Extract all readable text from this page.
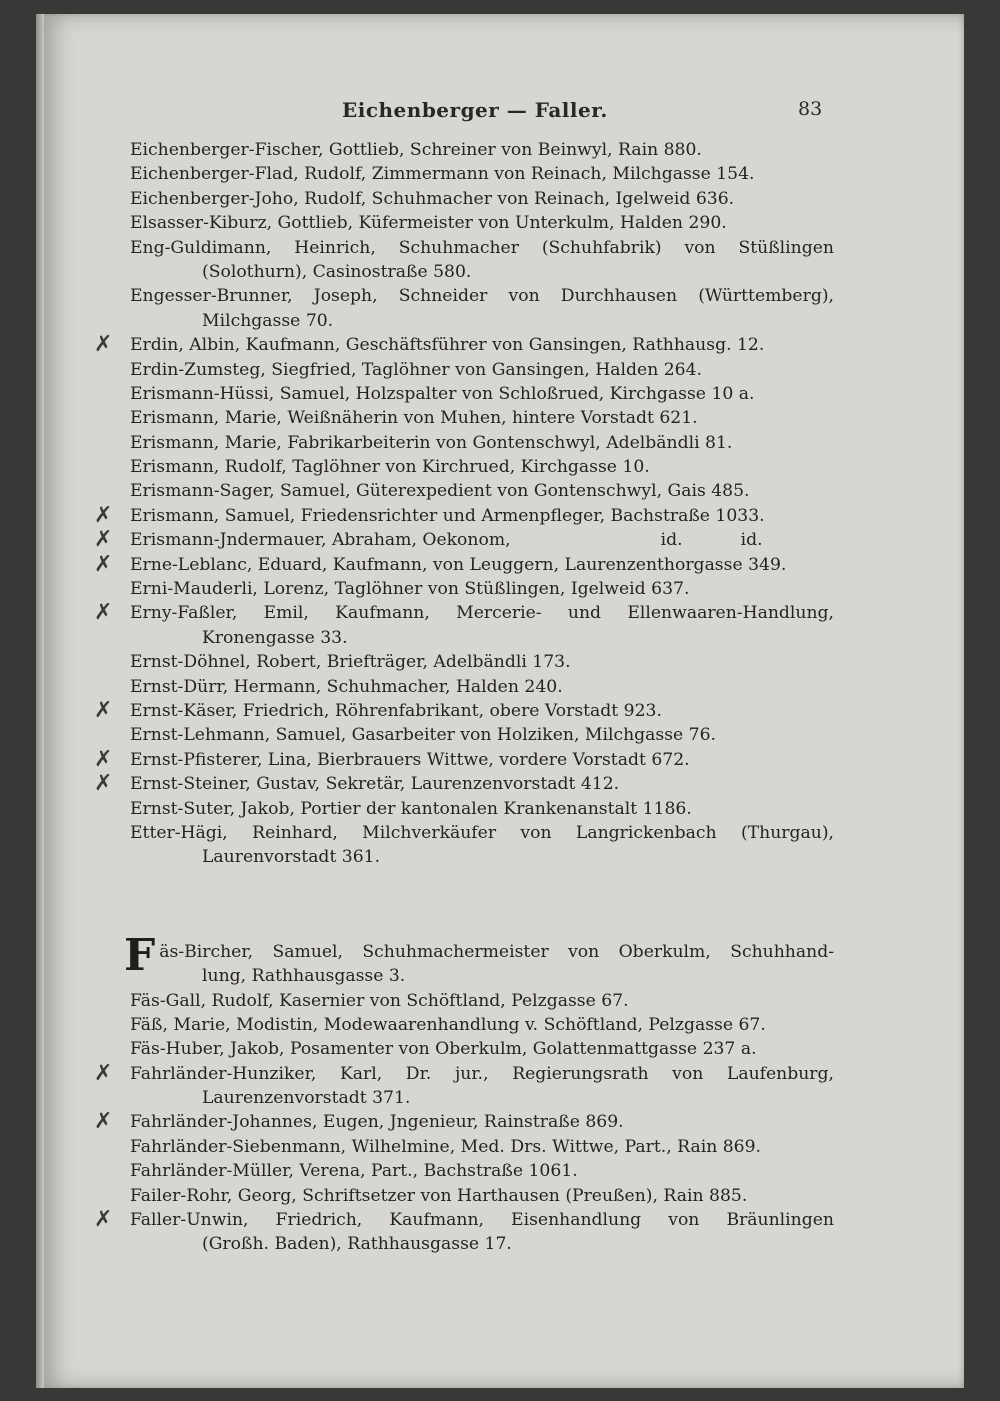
Eichenberger — Faller.	83
Eichenberger-Fischer, Gottlieb, Schreiner von Beinwyl, Rain 880.
Eichenberger-Flad, Rudolf, Zimmermann von Reinach, Milchgasse 154.
Eichenberger-Joho, Rudolf, Schuhmacher von Reinach, Igelweid 636.
Elsasser-Kiburz, Gottlieb, Küfermeister von Unterkulm, Halden 290.
Eng-Guldimann, Heinrich, Schuhmacher (Schuhfabrik) von Stüßlingen
(Solothurn), Casinostraße 580.
Engesser-Brunner, Joseph, Schneider von Durchhausen (Württemberg),
Milchgasse 70.
✗ Erdin, Albin, Kaufmann, Geschäftsführer von Gansingen, Rathhausg. 12.
Erdin-Zumsteg, Siegfried, Taglöhner von Gansingen, Halden 264.
Erismann-Hüssi, Samuel, Holzspalter von Schloßrued, Kirchgasse 10 a.
Erismann, Marie, Weißnäherin von Muhen, hintere Vorstadt 621.
Erismann, Marie, Fabrikarbeiterin von Gontenschwyl, Adelbändli 81.
Erismann, Rudolf, Taglöhner von Kirchrued, Kirchgasse 10.
Erismann-Sager, Samuel, Güterexpedient von Gontenschwyl, Gais 485.
✗ Erismann, Samuel, Friedensrichter und Armenpfleger, Bachstraße 1033.
✗ Erismann-Jndermauer, Abraham, Oekonom,	id.	id.
✗ Erne-Leblanc, Eduard, Kaufmann, von Leuggern, Laurenzenthorgasse 349.
Erni-Mauderli, Lorenz, Taglöhner von Stüßlingen, Igelweid 637.
✗ Erny-Faßler, Emil, Kaufmann, Mercerie- und Ellenwaaren-Handlung,
Kronengasse 33.
Ernst-Döhnel, Robert, Briefträger, Adelbändli 173.
Ernst-Dürr, Hermann, Schuhmacher, Halden 240.
✗ Ernst-Käser, Friedrich, Röhrenfabrikant, obere Vorstadt 923.
Ernst-Lehmann, Samuel, Gasarbeiter von Holziken, Milchgasse 76.
✗ Ernst-Pfisterer, Lina, Bierbrauers Wittwe, vordere Vorstadt 672.
✗ Ernst-Steiner, Gustav, Sekretär, Laurenzenvorstadt 412.
Ernst-Suter, Jakob, Portier der kantonalen Krankenanstalt 1186.
Etter-Hägi, Reinhard, Milchverkäufer von Langrickenbach (Thurgau),
Laurenvorstadt 361.
Fäs-Bircher, Samuel, Schuhmachermeister von Oberkulm, Schuhhand-
lung, Rathhausgasse 3.
Fäs-Gall, Rudolf, Kasernier von Schöftland, Pelzgasse 67.
Fäß, Marie, Modistin, Modewaarenhandlung v. Schöftland, Pelzgasse 67.
Fäs-Huber, Jakob, Posamenter von Oberkulm, Golattenmattgasse 237 a.
✗ Fahrländer-Hunziker, Karl, Dr. jur., Regierungsrath von Laufenburg,
Laurenzenvorstadt 371.
✗ Fahrländer-Johannes, Eugen, Jngenieur, Rainstraße 869.
Fahrländer-Siebenmann, Wilhelmine, Med. Drs. Wittwe, Part., Rain 869.
Fahrländer-Müller, Verena, Part., Bachstraße 1061.
Failer-Rohr, Georg, Schriftsetzer von Harthausen (Preußen), Rain 885.
✗ Faller-Unwin, Friedrich, Kaufmann, Eisenhandlung von Bräunlingen
(Großh. Baden), Rathhausgasse 17.
